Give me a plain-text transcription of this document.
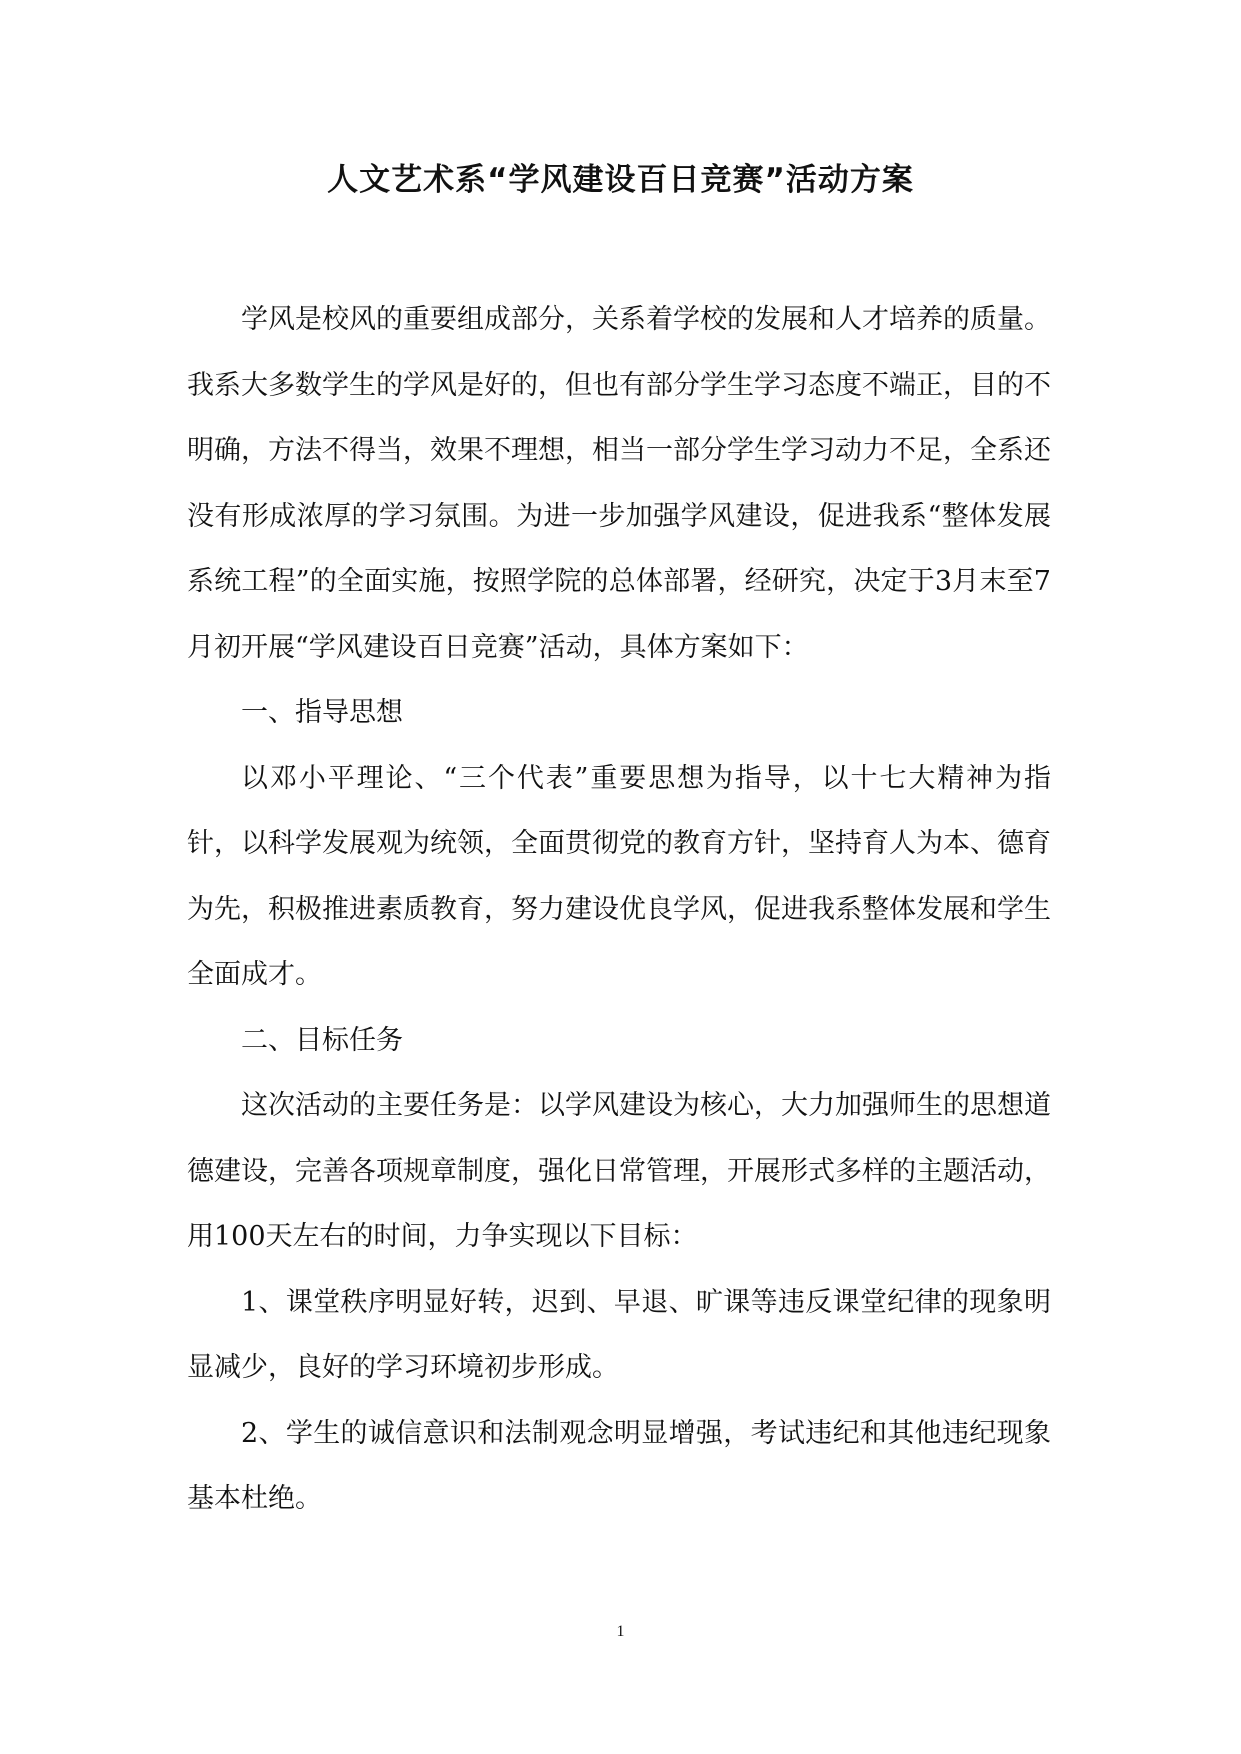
人文艺术系“学风建设百日竞赛”活动方案

学风是校风的重要组成部分，关系着学校的发展和人才培养的质量。我系大多数学生的学风是好的，但也有部分学生学习态度不端正，目的不明确，方法不得当，效果不理想，相当一部分学生学习动力不足，全系还没有形成浓厚的学习氛围。为进一步加强学风建设，促进我系“整体发展系统工程”的全面实施，按照学院的总体部署，经研究，决定于3月末至7月初开展“学风建设百日竞赛”活动，具体方案如下：

一、指导思想

以邓小平理论、“三个代表”重要思想为指导，以十七大精神为指针，以科学发展观为统领，全面贯彻党的教育方针，坚持育人为本、德育为先，积极推进素质教育，努力建设优良学风，促进我系整体发展和学生全面成才。

二、目标任务

这次活动的主要任务是：以学风建设为核心，大力加强师生的思想道德建设，完善各项规章制度，强化日常管理，开展形式多样的主题活动，用100天左右的时间，力争实现以下目标：

1、课堂秩序明显好转，迟到、早退、旷课等违反课堂纪律的现象明显减少，良好的学习环境初步形成。

2、学生的诚信意识和法制观念明显增强，考试违纪和其他违纪现象基本杜绝。

1
